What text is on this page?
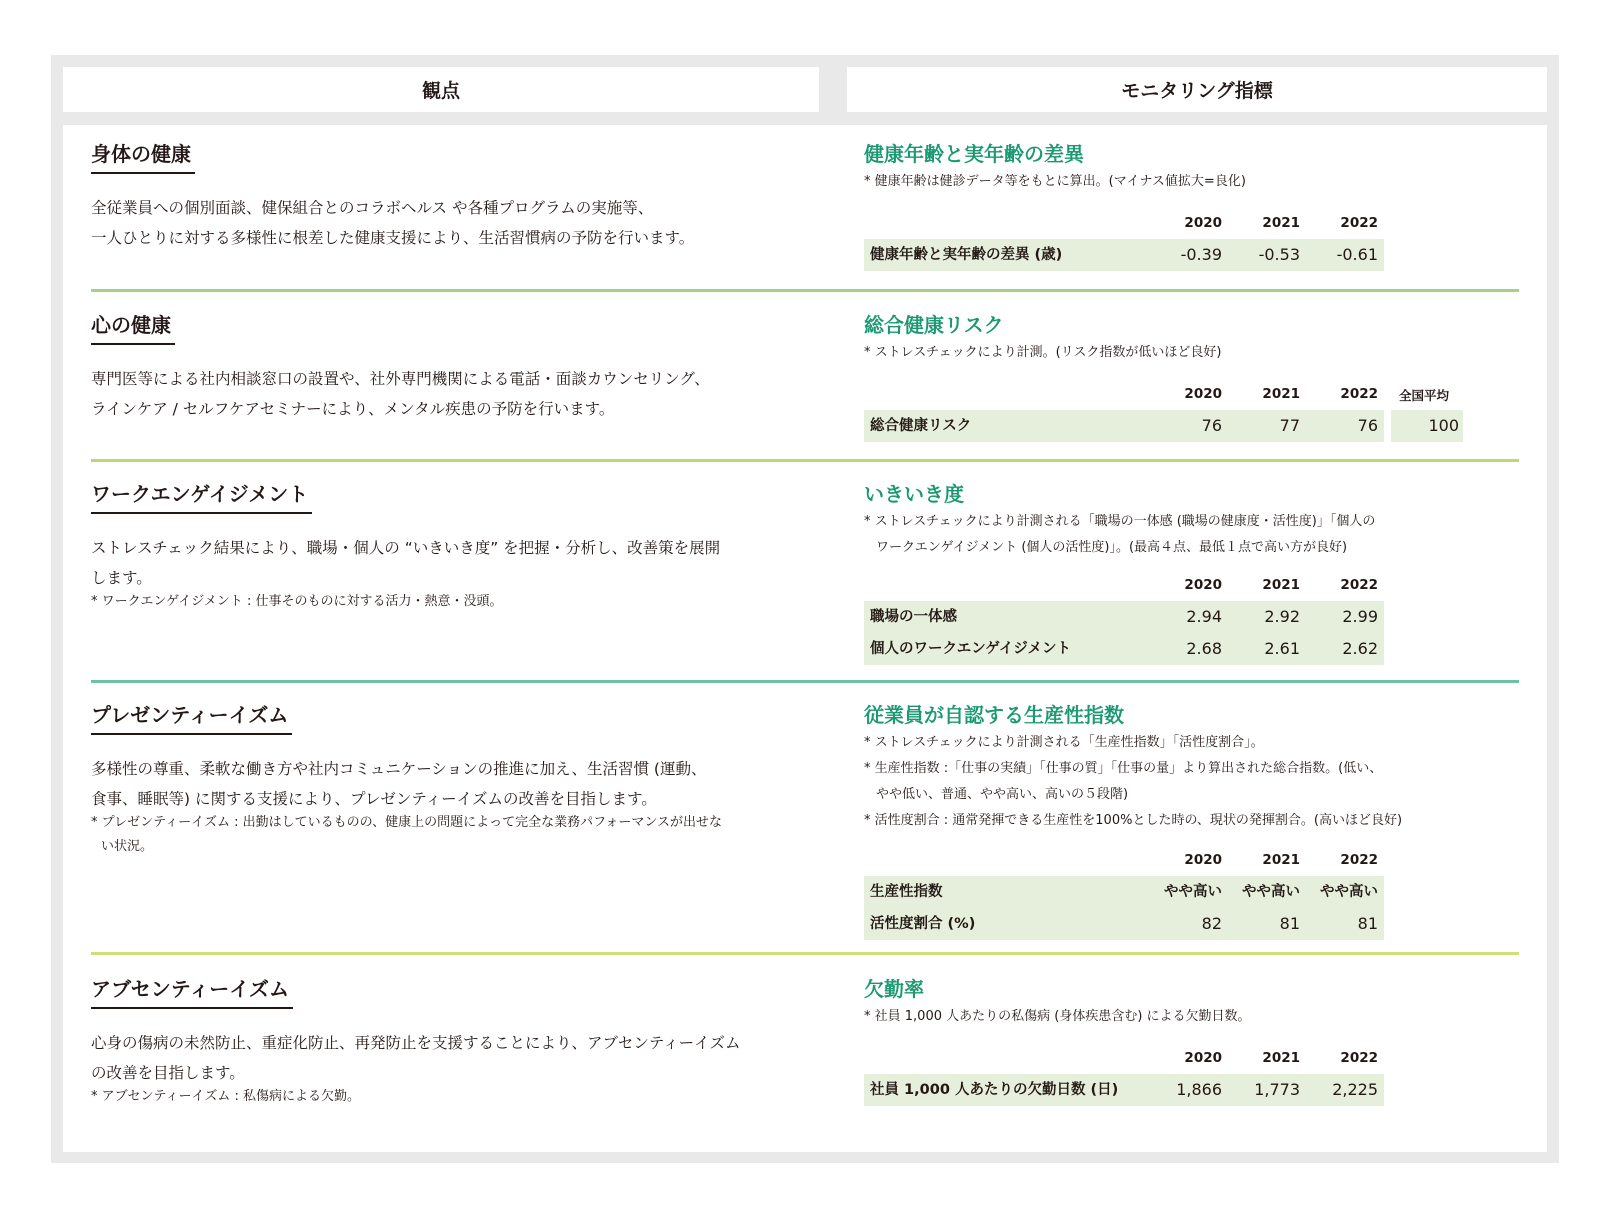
観点	モニタリング指標
身体の健康
全従業員への個別面談、健保組合とのコラボヘルス や各種プログラムの実施等、
一人ひとりに対する多様性に根差した健康支援により、生活習慣病の予防を行います。
健康年齢と実年齢の差異
* 健康年齢は健診データ等をもとに算出。(マイナス値拡大=良化)
2020	2021	2022
健康年齢と実年齢の差異 (歳)	-0.39	-0.53	-0.61
心の健康
専門医等による社内相談窓口の設置や、社外専門機関による電話・面談カウンセリング、
ラインケア / セルフケアセミナーにより、メンタル疾患の予防を行います。
総合健康リスク
* ストレスチェックにより計測。(リスク指数が低いほど良好)
2020	2021	2022	全国平均
総合健康リスク	76	77	76	100
ワークエンゲイジメント
ストレスチェック結果により、職場・個人の “いきいき度” を把握・分析し、改善策を展開
します。
* ワークエンゲイジメント : 仕事そのものに対する活力・熱意・没頭。
いきいき度
* ストレスチェックにより計測される「職場の一体感 (職場の健康度・活性度)」「個人の
ワークエンゲイジメント (個人の活性度)」。(最高４点、最低１点で高い方が良好)
2020	2021	2022
職場の一体感	2.94	2.92	2.99
個人のワークエンゲイジメント	2.68	2.61	2.62
プレゼンティーイズム
多様性の尊重、柔軟な働き方や社内コミュニケーションの推進に加え、生活習慣 (運動、
食事、睡眠等) に関する支援により、プレゼンティーイズムの改善を目指します。
* プレゼンティーイズム : 出勤はしているものの、健康上の問題によって完全な業務パフォーマンスが出せな
い状況。
従業員が自認する生産性指数
* ストレスチェックにより計測される「生産性指数」「活性度割合」。
* 生産性指数 :「仕事の実績」「仕事の質」「仕事の量」より算出された総合指数。(低い、
やや低い、普通、やや高い、高いの５段階)
* 活性度割合 : 通常発揮できる生産性を100%とした時の、現状の発揮割合。(高いほど良好)
2020	2021	2022
生産性指数	やや高い	やや高い	やや高い
活性度割合 (%)	82	81	81
アブセンティーイズム
心身の傷病の未然防止、重症化防止、再発防止を支援することにより、アブセンティーイズム
の改善を目指します。
* アブセンティーイズム : 私傷病による欠勤。
欠勤率
* 社員 1,000 人あたりの私傷病 (身体疾患含む) による欠勤日数。
2020	2021	2022
社員 1,000 人あたりの欠勤日数 (日)	1,866	1,773	2,225
